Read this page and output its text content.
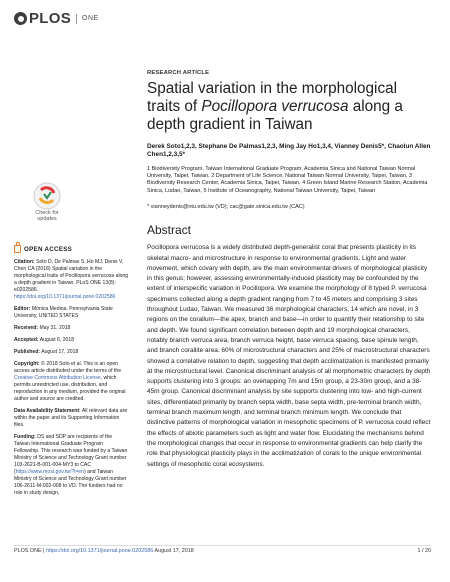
PLOS ONE
Check for updates
OPEN ACCESS

Citation: Soto D, De Palmas S, Ho MJ, Denis V, Chen CA (2018) Spatial variation in the morphological traits of Pocillopora verrucosa along a depth gradient in Taiwan. PLoS ONE 13(8): e0202586. https://doi.org/10.1371/journal.pone.0202586

Editor: Mónica Medina, Pennsylvania State University, UNITED STATES

Received: May 31, 2018

Accepted: August 6, 2018

Published: August 17, 2018

Copyright: © 2018 Soto et al. This is an open access article distributed under the terms of the Creative Commons Attribution License, which permits unrestricted use, distribution, and reproduction in any medium, provided the original author and source are credited.

Data Availability Statement: All relevant data are within the paper and its Supporting Information files.

Funding: DS and SDP are recipients of the Taiwan International Graduate Program Fellowship. This research was funded by a Taiwan Ministry of Science and Technology Grant number 103-2621-B-001-004-MY3 to CAC (https://www.most.gov.tw/?l=en) and Taiwan Ministry of Science and Technology Grant number 106-2611-M-002-008 to VD. The funders had no role in study design,

RESEARCH ARTICLE
Spatial variation in the morphological traits of Pocillopora verrucosa along a depth gradient in Taiwan
Derek Soto1,2,3, Stephane De Palmas1,2,3, Ming Jay Ho1,3,4, Vianney Denis5*, Chaolun Allen Chen1,2,3,5*
1 Biodiversity Program, Taiwan International Graduate Program, Academia Sinica and National Taiwan Normal University, Taipei, Taiwan, 2 Department of Life Science, National Taiwan Normal University, Taipei, Taiwan, 3 Biodiversity Research Center, Academia Sinica, Taipei, Taiwan, 4 Green Island Marine Research Station, Academia Sinica, Ludao, Taiwan, 5 Institute of Oceanography, National Taiwan University, Taipei, Taiwan
* vianneydenis@ntu.edu.tw (VD); cac@gate.sinica.edu.tw (CAC)
Abstract

Pocillopora verrucosa is a widely distributed depth-generalist coral that presents plasticity in its skeletal macro- and microstructure in response to environmental gradients. Light and water movement, which covary with depth, are the main environmental drivers of morphological plasticity in this genus; however, assessing environmentally-induced plasticity may be confounded by the extent of interspecific variation in Pocillopora. We examine the morphology of 8 typed P. verrucosa specimens collected along a depth gradient ranging from 7 to 45 meters and comprising 3 sites throughout Ludao, Taiwan. We measured 36 morphological characters, 14 which are novel, in 3 regions on the corallum—the apex, branch and base—in order to quantify their relationship to site and depth. We found significant correlation between depth and 19 morphological characters, notably branch verruca area, branch verruca height, base verruca spacing, base spinule length, and branch corallite area. 60% of microstructural characters and 25% of macrostructural characters showed a correlative relation to depth, suggesting that depth acclimatization is manifested primarily at the microstructural level. Canonical discriminant analysis of all morphometric characters by depth supports clustering into 3 groups: an overlapping 7m and 15m group, a 23-30m group, and a 38-45m group. Canonical discriminant analysis by site supports clustering into low- and high-current sites, differentiated primarily by branch septa width, base septa width, pre-terminal branch width, terminal branch maximum length, and terminal branch minimum length. We conclude that distinctive patterns of morphological variation in mesophotic specimens of P. verrucosa could reflect the effects of abiotic parameters such as light and water flow. Elucidating the mechanisms behind the morphological changes that occur in response to environmental gradients can help clarify the role that physiological plasticity plays in the acclimatization of corals to the unique environmental settings of mesophotic coral ecosystems.

PLOS ONE | https://doi.org/10.1371/journal.pone.0202586 August 17, 2018	1 / 20
